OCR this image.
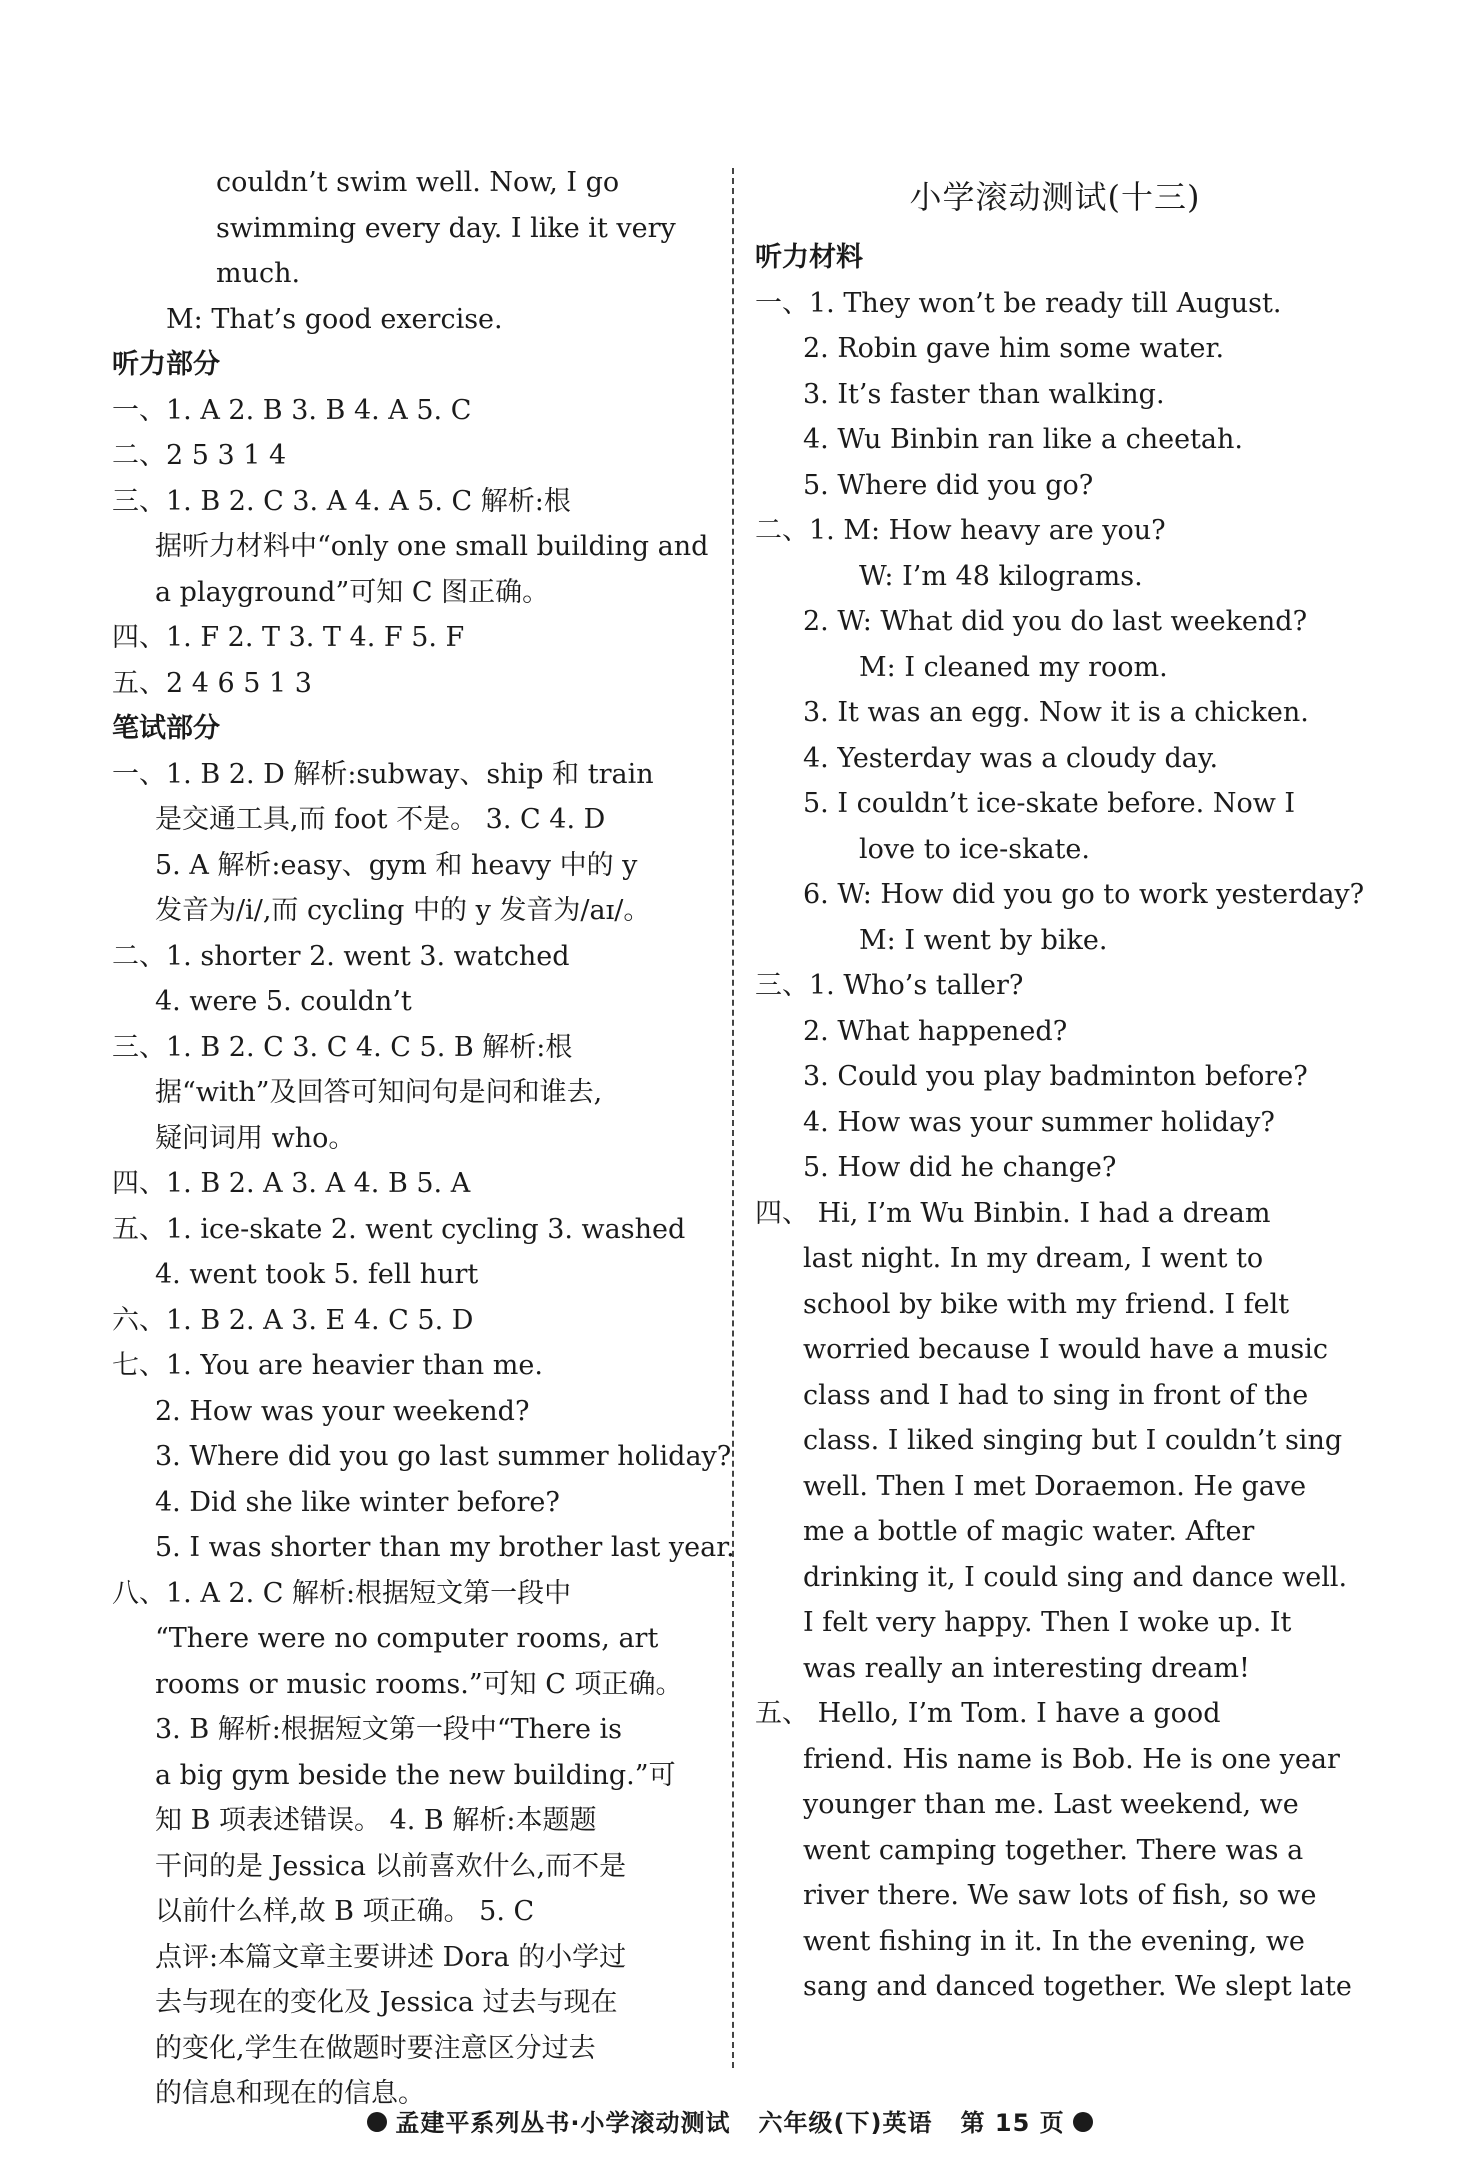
couldn’t swim well. Now, I go
swimming every day. I like it very
much.
M: That’s good exercise.
听力部分
一、1. A 2. B 3. B 4. A 5. C
二、2 5 3 1 4
三、1. B 2. C 3. A 4. A 5. C 解析:根
据听力材料中“only one small building and
a playground”可知 C 图正确。
四、1. F 2. T 3. T 4. F 5. F
五、2 4 6 5 1 3
笔试部分
一、1. B 2. D 解析:subway、ship 和 train
是交通工具,而 foot 不是。 3. C 4. D
5. A 解析:easy、gym 和 heavy 中的 y
发音为/i/,而 cycling 中的 y 发音为/aɪ/。
二、1. shorter 2. went 3. watched
4. were 5. couldn’t
三、1. B 2. C 3. C 4. C 5. B 解析:根
据“with”及回答可知问句是问和谁去,
疑问词用 who。
四、1. B 2. A 3. A 4. B 5. A
五、1. ice-skate 2. went cycling 3. washed
4. went took 5. fell hurt
六、1. B 2. A 3. E 4. C 5. D
七、1. You are heavier than me.
2. How was your weekend?
3. Where did you go last summer holiday?
4. Did she like winter before?
5. I was shorter than my brother last year.
八、1. A 2. C 解析:根据短文第一段中
“There were no computer rooms, art
rooms or music rooms.”可知 C 项正确。
3. B 解析:根据短文第一段中“There is
a big gym beside the new building.”可
知 B 项表述错误。 4. B 解析:本题题
干问的是 Jessica 以前喜欢什么,而不是
以前什么样,故 B 项正确。 5. C
点评:本篇文章主要讲述 Dora 的小学过
去与现在的变化及 Jessica 过去与现在
的变化,学生在做题时要注意区分过去
的信息和现在的信息。
小学滚动测试(十三)
听力材料
一、1. They won’t be ready till August.
2. Robin gave him some water.
3. It’s faster than walking.
4. Wu Binbin ran like a cheetah.
5. Where did you go?
二、1. M: How heavy are you?
W: I’m 48 kilograms.
2. W: What did you do last weekend?
M: I cleaned my room.
3. It was an egg. Now it is a chicken.
4. Yesterday was a cloudy day.
5. I couldn’t ice-skate before. Now I
love to ice-skate.
6. W: How did you go to work yesterday?
M: I went by bike.
三、1. Who’s taller?
2. What happened?
3. Could you play badminton before?
4. How was your summer holiday?
5. How did he change?
四、 Hi, I’m Wu Binbin. I had a dream
last night. In my dream, I went to
school by bike with my friend. I felt
worried because I would have a music
class and I had to sing in front of the
class. I liked singing but I couldn’t sing
well. Then I met Doraemon. He gave
me a bottle of magic water. After
drinking it, I could sing and dance well.
I felt very happy. Then I woke up. It
was really an interesting dream!
五、 Hello, I’m Tom. I have a good
friend. His name is Bob. He is one year
younger than me. Last weekend, we
went camping together. There was a
river there. We saw lots of fish, so we
went fishing in it. In the evening, we
sang and danced together. We slept late
孟建平系列丛书·小学滚动测试 六年级(下)英语 第 15 页
